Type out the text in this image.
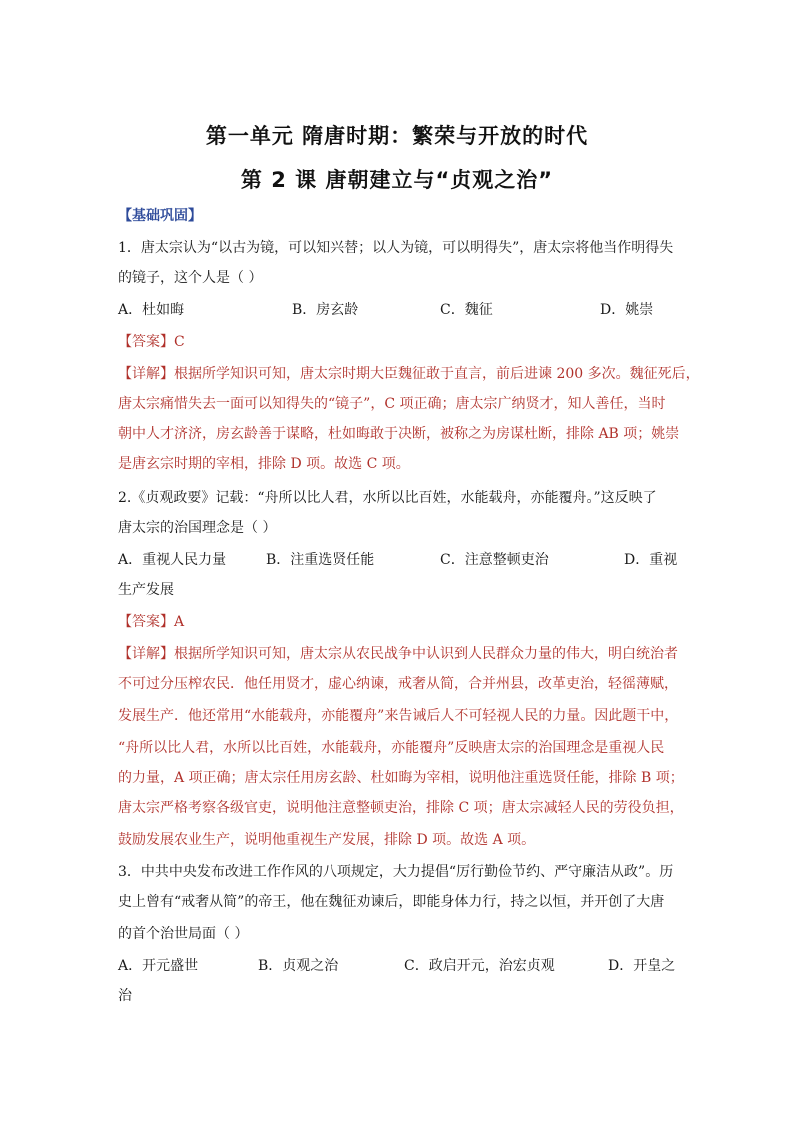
第一单元 隋唐时期：繁荣与开放的时代
第 2 课 唐朝建立与“贞观之治”
【基础巩固】
1．唐太宗认为“以古为镜，可以知兴替；以人为镜，可以明得失”，唐太宗将他当作明得失
的镜子，这个人是（ ）
A．杜如晦	B．房玄龄	C．魏征	D．姚崇
【答案】C
【详解】根据所学知识可知，唐太宗时期大臣魏征敢于直言，前后进谏 200 多次。魏征死后，
唐太宗痛惜失去一面可以知得失的“镜子”，C 项正确；唐太宗广纳贤才，知人善任，当时
朝中人才济济，房玄龄善于谋略，杜如晦敢于决断，被称之为房谋杜断，排除 AB 项；姚崇
是唐玄宗时期的宰相，排除 D 项。故选 C 项。
2.《贞观政要》记载：“舟所以比人君，水所以比百姓，水能载舟，亦能覆舟。”这反映了
唐太宗的治国理念是（ ）
A．重视人民力量	B．注重选贤任能	C．注意整顿吏治	D．重视
生产发展
【答案】A
【详解】根据所学知识可知，唐太宗从农民战争中认识到人民群众力量的伟大，明白统治者
不可过分压榨农民．他任用贤才，虚心纳谏，戒奢从简，合并州县，改革吏治，轻徭薄赋，
发展生产．他还常用“水能载舟，亦能覆舟”来告诫后人不可轻视人民的力量。因此题干中，
“舟所以比人君，水所以比百姓，水能载舟，亦能覆舟”反映唐太宗的治国理念是重视人民
的力量，A 项正确；唐太宗任用房玄龄、杜如晦为宰相，说明他注重选贤任能，排除 B 项；
唐太宗严格考察各级官吏，说明他注意整顿吏治，排除 C 项；唐太宗减轻人民的劳役负担，
鼓励发展农业生产，说明他重视生产发展，排除 D 项。故选 A 项。
3．中共中央发布改进工作作风的八项规定，大力提倡“厉行勤俭节约、严守廉洁从政”。历
史上曾有“戒奢从简”的帝王，他在魏征劝谏后，即能身体力行，持之以恒，并开创了大唐
的首个治世局面（ ）
A．开元盛世	B．贞观之治	C．政启开元，治宏贞观	D．开皇之
治
